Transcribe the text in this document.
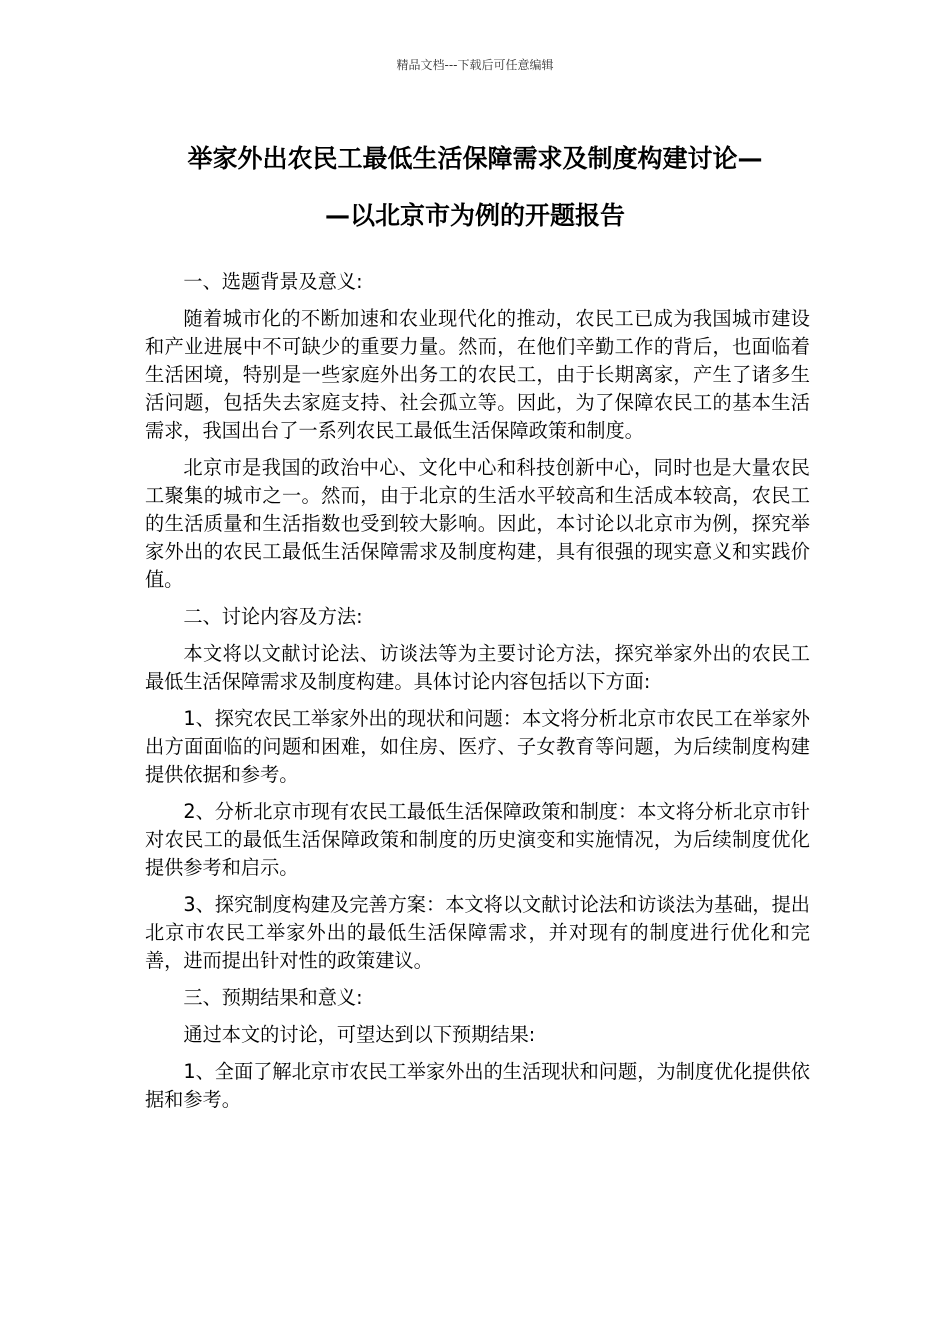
精品文档---下载后可任意编辑
举家外出农民工最低生活保障需求及制度构建讨论—
—以北京市为例的开题报告

一、选题背景及意义:

随着城市化的不断加速和农业现代化的推动，农民工已成为我国城市建设和产业进展中不可缺少的重要力量。然而，在他们辛勤工作的背后，也面临着生活困境，特别是一些家庭外出务工的农民工，由于长期离家，产生了诸多生活问题，包括失去家庭支持、社会孤立等。因此，为了保障农民工的基本生活需求，我国出台了一系列农民工最低生活保障政策和制度。

北京市是我国的政治中心、文化中心和科技创新中心，同时也是大量农民工聚集的城市之一。然而，由于北京的生活水平较高和生活成本较高，农民工的生活质量和生活指数也受到较大影响。因此，本讨论以北京市为例，探究举家外出的农民工最低生活保障需求及制度构建，具有很强的现实意义和实践价值。

二、讨论内容及方法:

本文将以文献讨论法、访谈法等为主要讨论方法，探究举家外出的农民工最低生活保障需求及制度构建。具体讨论内容包括以下方面:

1、探究农民工举家外出的现状和问题：本文将分析北京市农民工在举家外出方面面临的问题和困难，如住房、医疗、子女教育等问题，为后续制度构建提供依据和参考。

2、分析北京市现有农民工最低生活保障政策和制度：本文将分析北京市针对农民工的最低生活保障政策和制度的历史演变和实施情况，为后续制度优化提供参考和启示。

3、探究制度构建及完善方案：本文将以文献讨论法和访谈法为基础，提出北京市农民工举家外出的最低生活保障需求，并对现有的制度进行优化和完善，进而提出针对性的政策建议。

三、预期结果和意义:

通过本文的讨论，可望达到以下预期结果:

1、全面了解北京市农民工举家外出的生活现状和问题，为制度优化提供依据和参考。
